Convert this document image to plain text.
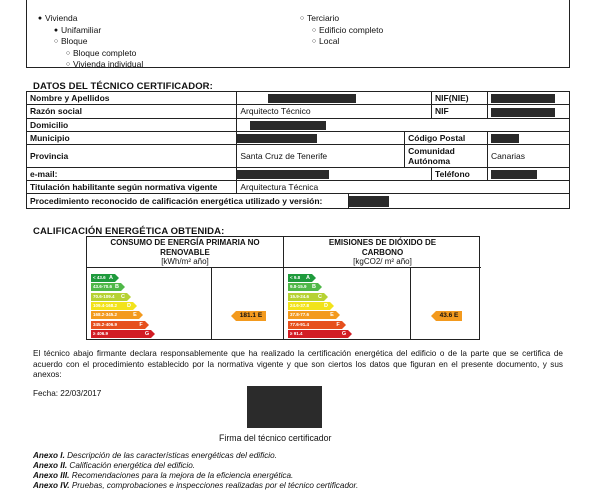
● Vivienda
● Unifamiliar
○ Bloque
○ Bloque completo
○ Vivienda individual
○ Terciario
○ Edificio completo
○ Local
DATOS DEL TÉCNICO CERTIFICADOR:
Nombre y Apellidos				NIF(NIE)	
Razón social	Arquitecto Técnico			NIF	
Domicilio					
Municipio			Código Postal		
Provincia	Santa Cruz de Tenerife		Comunidad Autónoma		Canarias
e-mail:				Teléfono	
Titulación habilitante según normativa vigente	Arquitectura Técnica				
Procedimiento reconocido de calificación energética utilizado y versión:					
CALIFICACIÓN ENERGÉTICA OBTENIDA:
CONSUMO DE ENERGÍA PRIMARIA NO RENOVABLE
[kWh/m² año]
< 43.6 A
43.6-70.6 B
70.6-109.4	C
109.4-168.2	D
168.2-345.2	E
345.2-406.9	F
≥ 406.9	G
181.1 E
EMISIONES DE DIÓXIDO DE CARBONO
[kgCO2/ m² año]
< 9.8	A
9.8-15.9 B
15.9-24.6	C
24.6-37.8	D
37.8-77.6	E
77.6-91.4	F
≥ 91.4	G
43.6 E
El técnico abajo firmante declara responsablemente que ha realizado la certificación energética del edificio o de la parte que se certifica de acuerdo con el procedimiento establecido por la normativa vigente y que son ciertos los datos que figuran en el presente documento, y sus anexos:
Fecha: 22/03/2017
Firma del técnico certificador
Anexo I. Descripción de las características energéticas del edificio.
Anexo II. Calificación energética del edificio.
Anexo III. Recomendaciones para la mejora de la eficiencia energética.
Anexo IV. Pruebas, comprobaciones e inspecciones realizadas por el técnico certificador.
